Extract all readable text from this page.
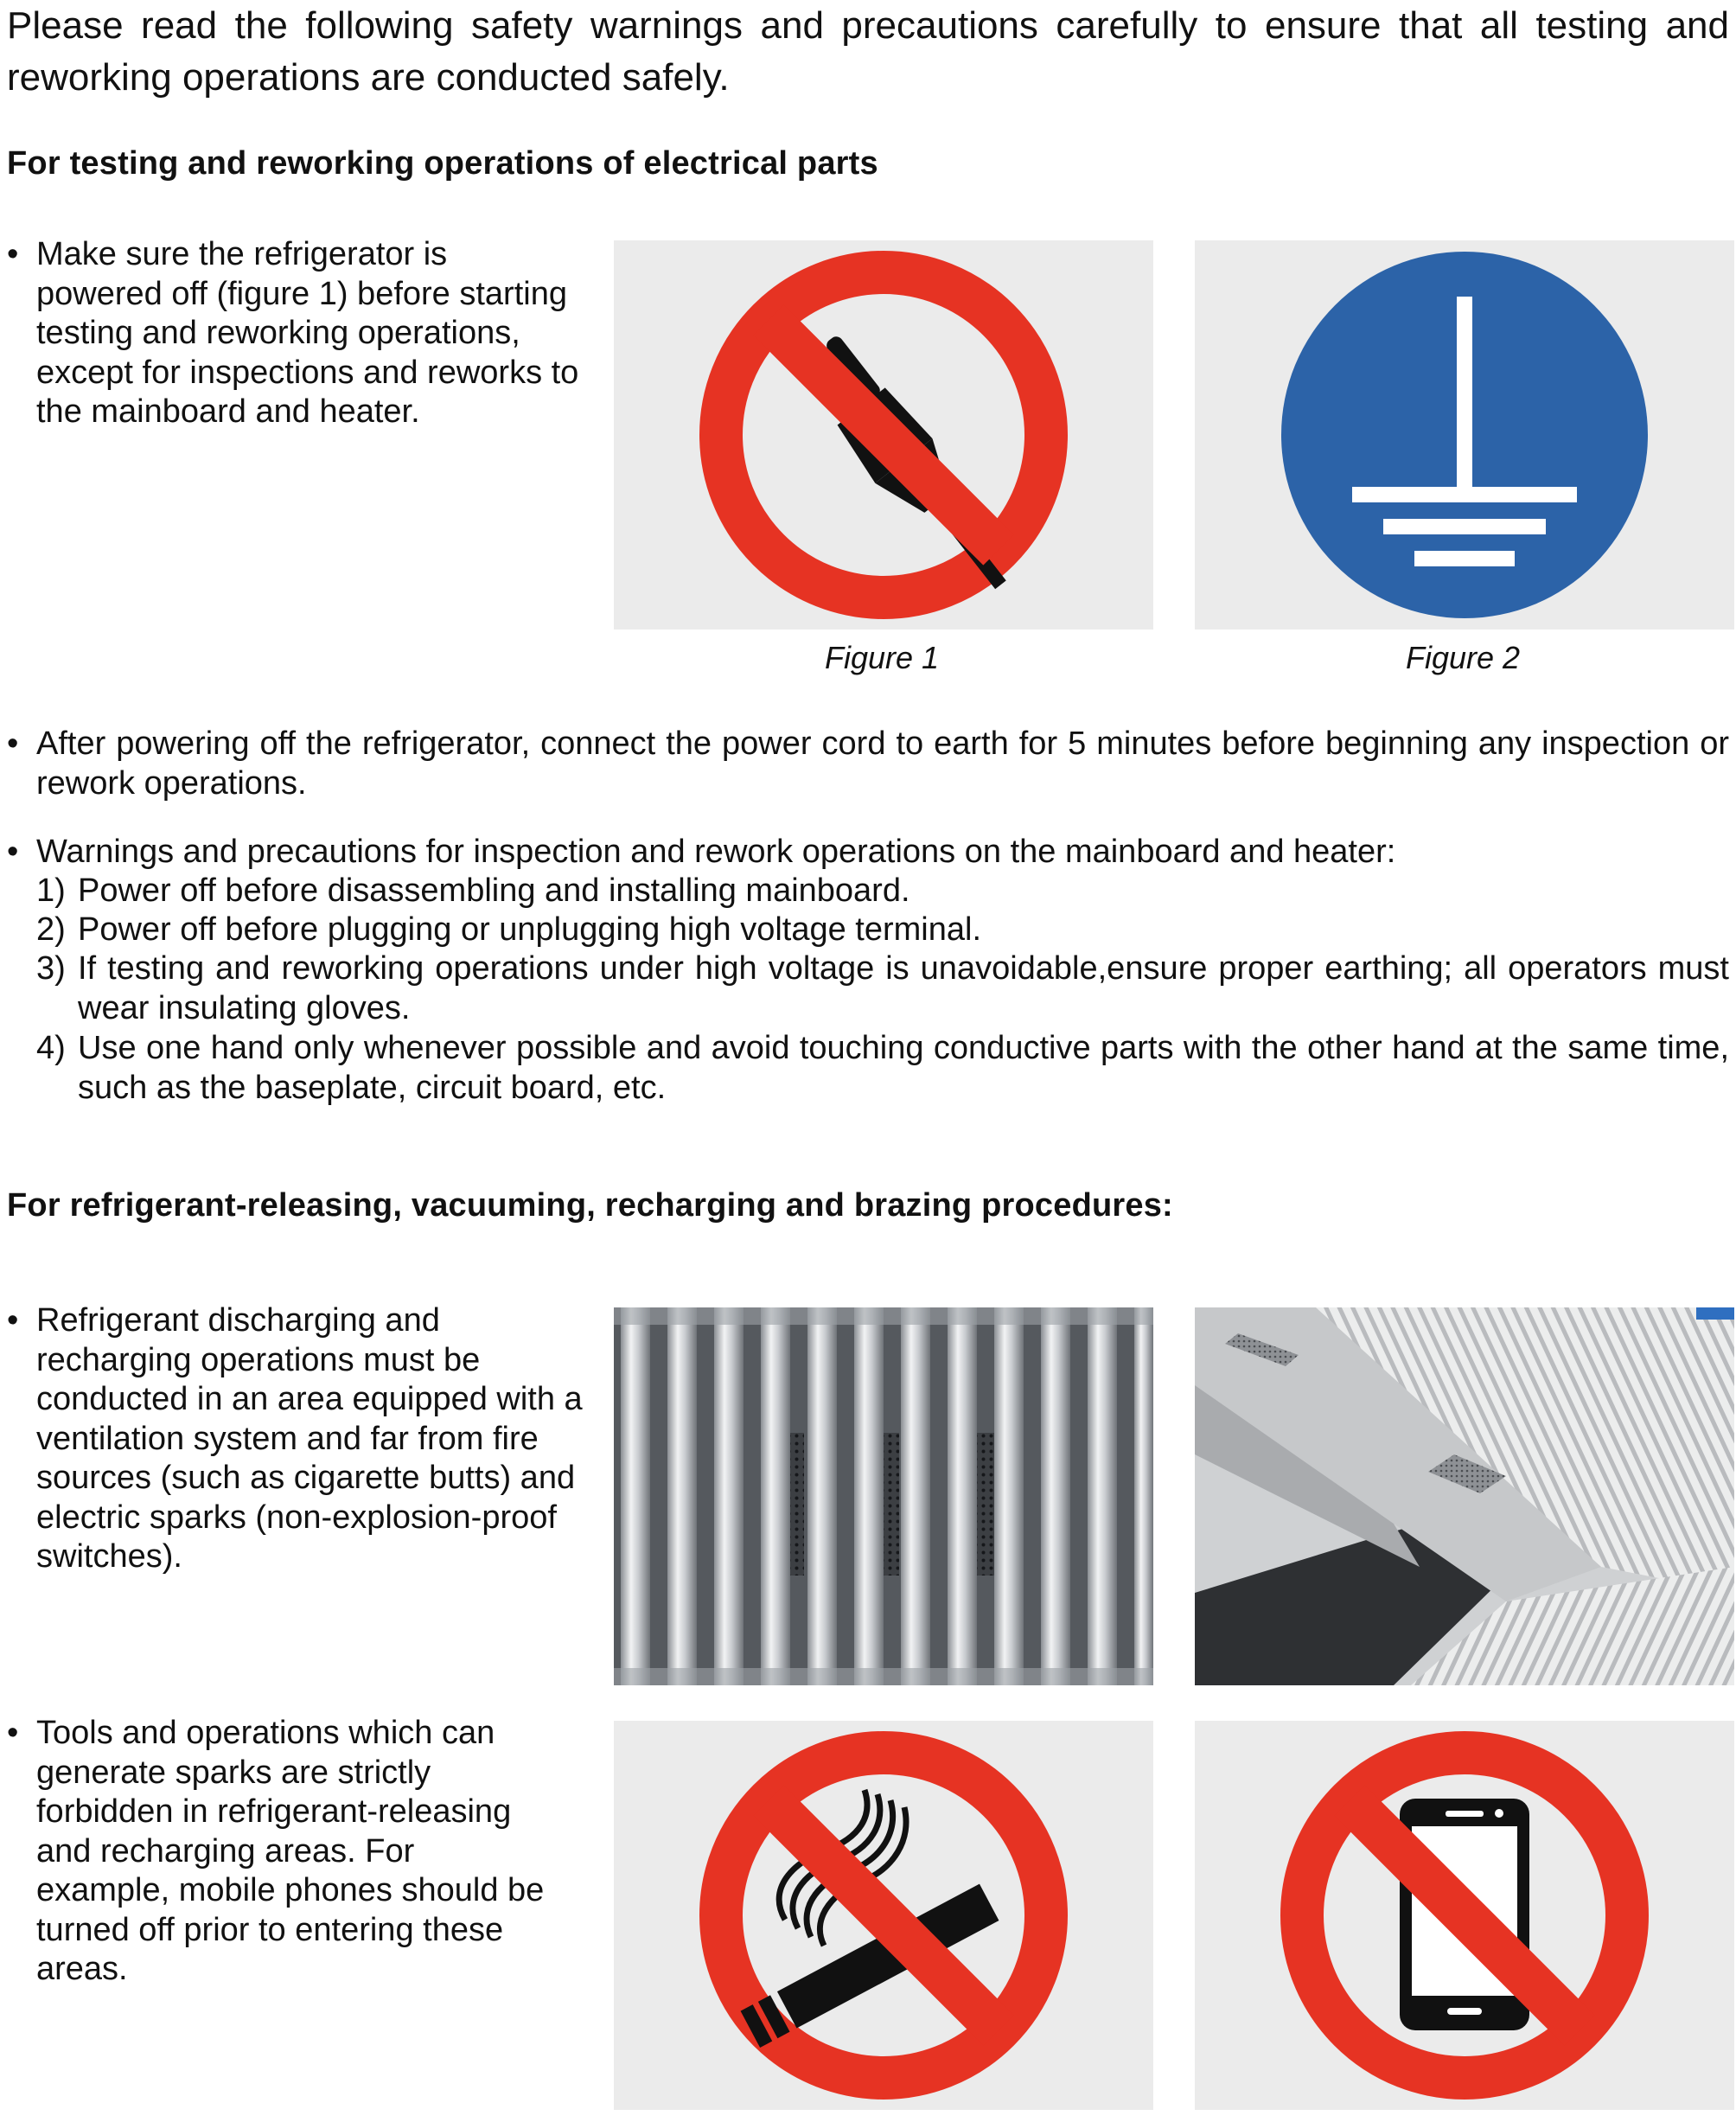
Please read the following safety warnings and precautions carefully to ensure that all testing and reworking operations are conducted safely.

For testing and reworking operations of electrical parts
• Make sure the refrigerator is powered off (figure 1) before starting testing and reworking operations, except for inspections and reworks to the mainboard and heater.
Figure 1	Figure 2
• After powering off the refrigerator, connect the power cord to earth for 5 minutes before beginning any inspection or rework operations.
• Warnings and precautions for inspection and rework operations on the mainboard and heater:
1) Power off before disassembling and installing mainboard.
2) Power off before plugging or unplugging high voltage terminal.
3) If testing and reworking operations under high voltage is unavoidable,ensure proper earthing; all operators must wear insulating gloves.
4) Use one hand only whenever possible and avoid touching conductive parts with the other hand at the same time, such as the baseplate, circuit board, etc.
For refrigerant-releasing, vacuuming, recharging and brazing procedures:
• Refrigerant discharging and recharging operations must be conducted in an area equipped with a ventilation system and far from fire sources (such as cigarette butts) and electric sparks (non-explosion-proof switches).
• Tools and operations which can generate sparks are strictly forbidden in refrigerant-releasing and recharging areas. For example, mobile phones should be turned off prior to entering these areas.
